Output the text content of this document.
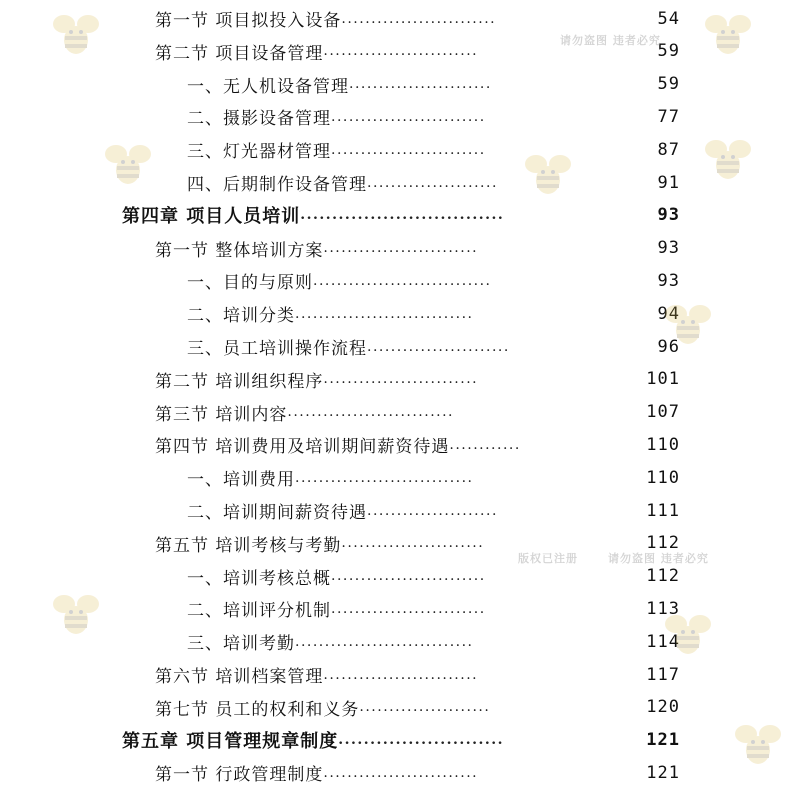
第一节 项目拟投入设备 ..........................	54
第二节 项目设备管理 ..........................	59
一、无人机设备管理 ........................	59
二、摄影设备管理 ..........................	77
三、灯光器材管理 ..........................	87
四、后期制作设备管理 ......................	91
第四章 项目人员培训 ................................	93
第一节 整体培训方案 ..........................	93
一、目的与原则 ..............................	93
二、培训分类 ..............................	94
三、员工培训操作流程 ........................	96
第二节 培训组织程序 ..........................	101
第三节 培训内容 ............................	107
第四节 培训费用及培训期间薪资待遇 ............	110
一、培训费用 ..............................	110
二、培训期间薪资待遇 ......................	111
第五节 培训考核与考勤 ........................	112
一、培训考核总概 ..........................	112
二、培训评分机制 ..........................	113
三、培训考勤 ..............................	114
第六节 培训档案管理 ..........................	117
第七节 员工的权利和义务 ......................	120
第五章 项目管理规章制度 ..........................	121
第一节 行政管理制度 ..........................	121
版权已注册	请勿盗图 违者必究
请勿盗图 违者必究
